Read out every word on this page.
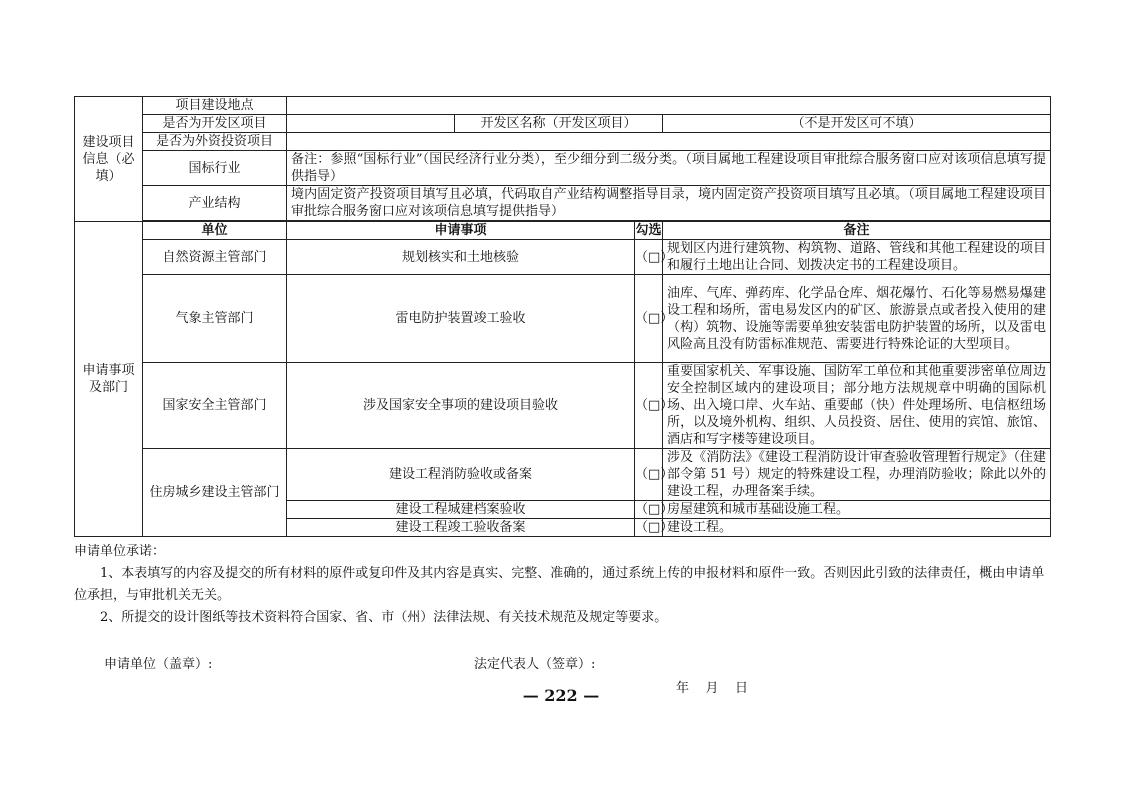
建设项目信息（必填）	项目建设地点				
	是否为开发区项目		开发区名称（开发区项目）		（不是开发区可不填）
	是否为外资投资项目				
	国标行业	备注：参照“国标行业”（国民经济行业分类），至少细分到二级分类。（项目属地工程建设项目审批综合服务窗口应对该项信息填写提供指导）			
	产业结构	境内固定资产投资项目填写且必填，代码取自产业结构调整指导目录，境内固定资产投资项目填写且必填。（项目属地工程建设项目审批综合服务窗口应对该项信息填写提供指导）			

申请事项及部门	单位	申请事项		勾选	备注
	自然资源主管部门	规划核实和土地核验		（□）	规划区内进行建筑物、构筑物、道路、管线和其他工程建设的项目和履行土地出让合同、划拨决定书的工程建设项目。
	气象主管部门	雷电防护装置竣工验收		（□）	油库、气库、弹药库、化学品仓库、烟花爆竹、石化等易燃易爆建设工程和场所，雷电易发区内的矿区、旅游景点或者投入使用的建（构）筑物、设施等需要单独安装雷电防护装置的场所，以及雷电风险高且没有防雷标准规范、需要进行特殊论证的大型项目。
	国家安全主管部门	涉及国家安全事项的建设项目验收		（□）	重要国家机关、军事设施、国防军工单位和其他重要涉密单位周边安全控制区域内的建设项目；部分地方法规规章中明确的国际机场、出入境口岸、火车站、重要邮（快）件处理场所、电信枢纽场所，以及境外机构、组织、人员投资、居住、使用的宾馆、旅馆、酒店和写字楼等建设项目。
	住房城乡建设主管部门	建设工程消防验收或备案		（□）	涉及《消防法》《建设工程消防设计审查验收管理暂行规定》（住建部令第 51 号）规定的特殊建设工程，办理消防验收；除此以外的建设工程，办理备案手续。
		建设工程城建档案验收		（□）	房屋建筑和城市基础设施工程。
		建设工程竣工验收备案		（□）	建设工程。

申请单位承诺：

1、本表填写的内容及提交的所有材料的原件或复印件及其内容是真实、完整、准确的，通过系统上传的申报材料和原件一致。否则因此引致的法律责任，概由申请单位承担，与审批机关无关。

2、所提交的设计图纸等技术资料符合国家、省、市（州）法律法规、有关技术规范及规定等要求。

申请单位（盖章）:	法定代表人（签章）:
年    月    日
— 222 —
